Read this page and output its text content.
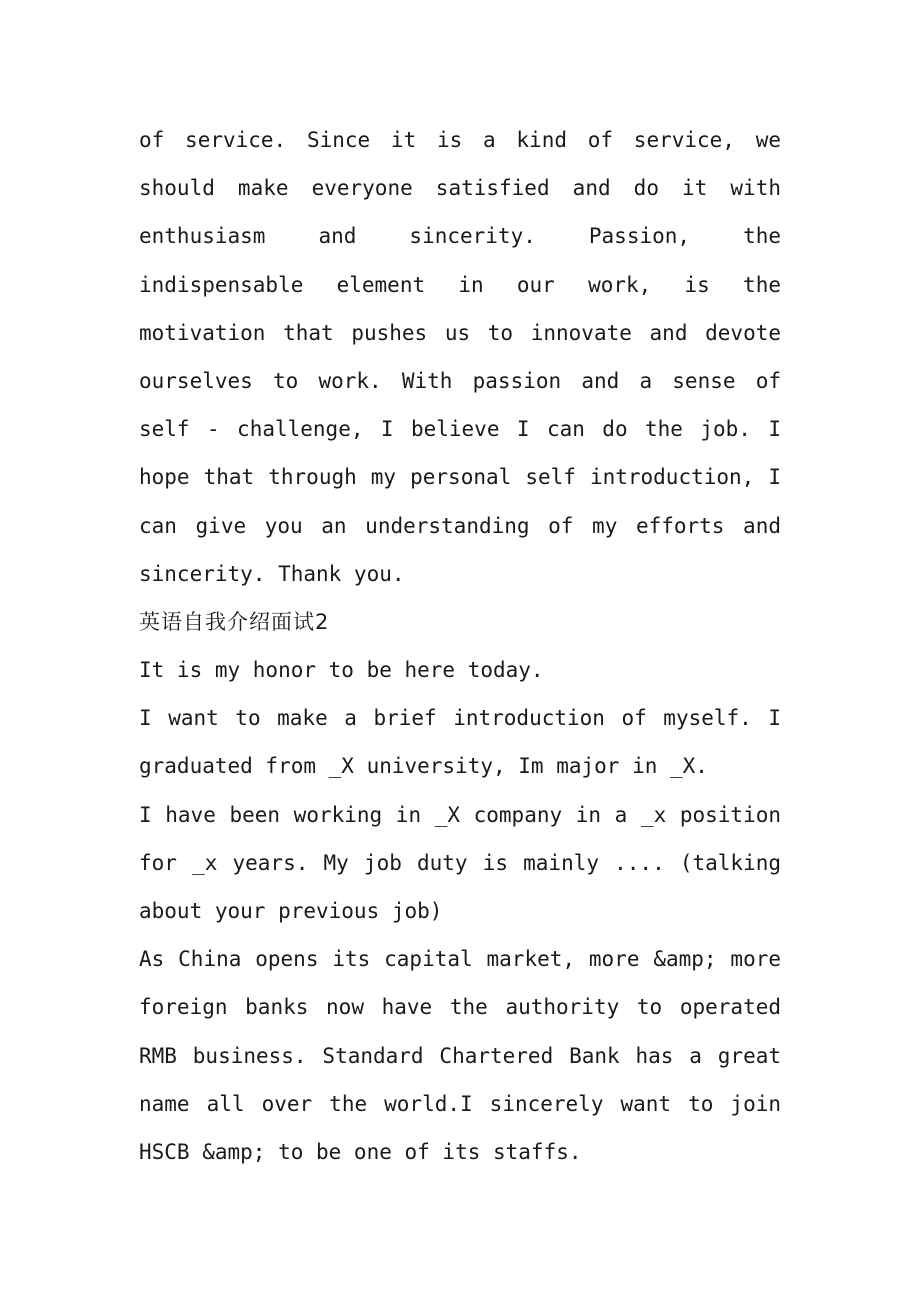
of service. Since it is a kind of service, we should make everyone satisfied and do it with enthusiasm and sincerity. Passion, the indispensable element in our work, is the motivation that pushes us to innovate and devote ourselves to work. With passion and a sense of self - challenge, I believe I can do the job. I hope that through my personal self introduction, I can give you an understanding of my efforts and sincerity. Thank you.

英语自我介绍面试2

It is my honor to be here today.

I want to make a brief introduction of myself. I graduated from _X university, Im major in _X.

I have been working in _X company in a _x position for _x years. My job duty is mainly .... (talking about your previous job)

As China opens its capital market, more &amp; more foreign banks now have the authority to operated RMB business. Standard Chartered Bank has a great name all over the world.I sincerely want to join HSCB &amp; to be one of its staffs.
